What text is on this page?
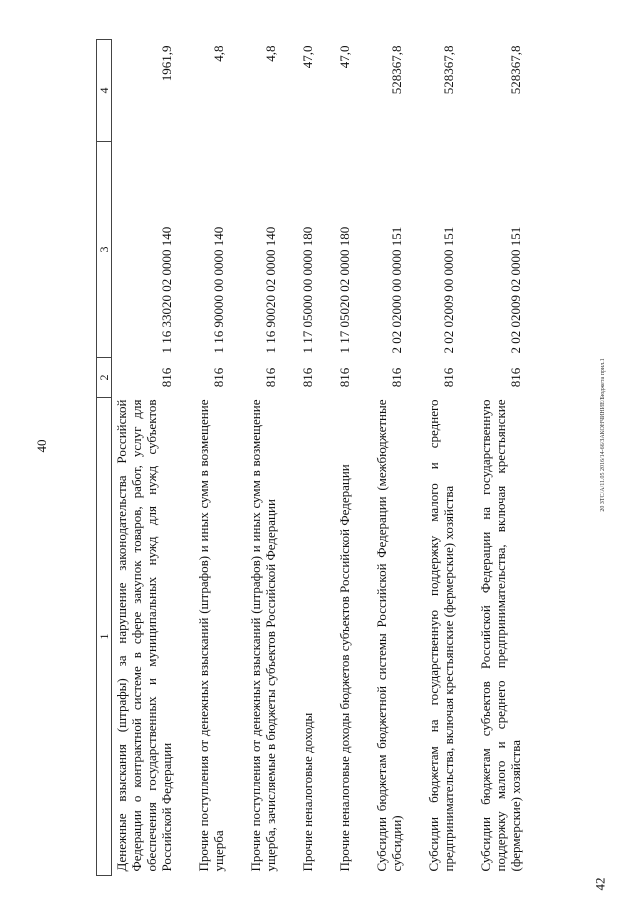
40
1	2	3	4
Денежные взыскания (штрафы) за нарушение законодательства Российской Федерации о контрактной системе в сфере закупок товаров, работ, услуг для обеспечения государственных и муниципальных нужд для нужд субъектов Российской Федерации	816	1 16 33020 02 0000 140	1961,9

Прочие поступления от денежных взысканий (штрафов) и иных сумм в возмещение ущерба	816	1 16 90000 00 0000 140	4,8

Прочие поступления от денежных взысканий (штрафов) и иных сумм в возмещение ущерба, зачисляемые в бюджеты субъектов Российской Федерации	816	1 16 90020 02 0000 140	4,8

Прочие неналоговые доходы	816	1 17 05000 00 0000 180	47,0

Прочие неналоговые доходы бюджетов субъектов Российской Федерации	816	1 17 05020 02 0000 180	47,0

Субсидии бюджетам бюджетной системы Российской Федерации (межбюджетные субсидии)	816	2 02 02000 00 0000 151	528367,8

Субсидии бюджетам на государственную поддержку малого и среднего предпринимательства, включая крестьянские (фермерские) хозяйства	816	2 02 02009 00 0000 151	528367,8

Субсидии бюджетам субъектов Российской Федерации на государственную поддержку малого и среднего предпринимательства, включая крестьянские (фермерские) хозяйства	816	2 02 02009 02 0000 151	528367,8
20 ЗТС/А/11.05 2016/14-66/ЗАКОНЧИНИЕ/Бюджета прил.1
42
